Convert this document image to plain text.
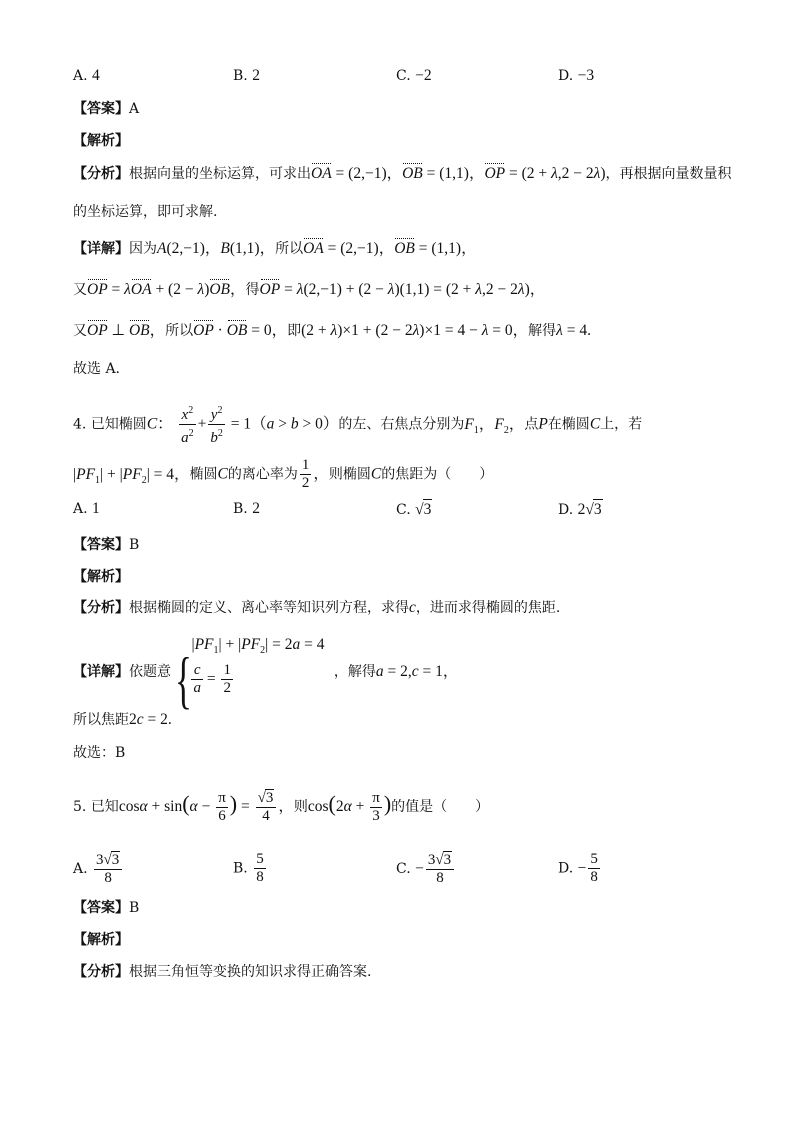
A. 4	B. 2	C. −2	D. −3
【答案】A
【解析】
【分析】根据向量的坐标运算，可求出OA = (2,−1)，OB = (1,1)，OP = (2 + λ,2 − 2λ)，再根据向量数量积
的坐标运算，即可求解.
【详解】因为A(2,−1)，B(1,1)，所以OA = (2,−1)，OB = (1,1)，
又OP = λOA + (2 − λ)OB，得OP = λ(2,−1) + (2 − λ)(1,1) = (2 + λ,2 − 2λ)，
又OP ⊥ OB，所以OP · OB = 0，即(2 + λ)×1 + (2 − 2λ)×1 = 4 − λ = 0，解得λ = 4.
故选 A.
4. 已知椭圆C： $\frac{x^2}{a^2} + \frac{y^2}{b^2} = 1(a > b > 0)$的左、右焦点分别为$F_1$，$F_2$，点P在椭圆C上，若
$|PF_1| + |PF_2| = 4$，椭圆C的离心率为 $\frac{1}{2}$ ，则椭圆C的焦距为（　　）
A. 1	B. 2	C. √3	D. 2√3
【答案】B
【解析】
【分析】根据椭圆的定义、离心率等知识列方程，求得c，进而求得椭圆的焦距.
【详解】依题意 { $|PF_1| + |PF_2| = 2a = 4$
$\frac{c}{a} = \frac{1}{2}$	，解得a = 2,c = 1，
所以焦距2c = 2.
故选：B
5. 已知$\cos\alpha + \sin(\alpha - \frac{\pi}{6}$ ) = $\frac{√3}{4}$ ，则$\cos(2\alpha + \frac{\pi}{3}$ )的值是（　　）
A. $\frac{3√3}{8}$	B. $\frac{5}{8}$	C. − $\frac{3√3}{8}$	D. − $\frac{5}{8}$
【答案】B
【解析】
【分析】根据三角恒等变换的知识求得正确答案.
